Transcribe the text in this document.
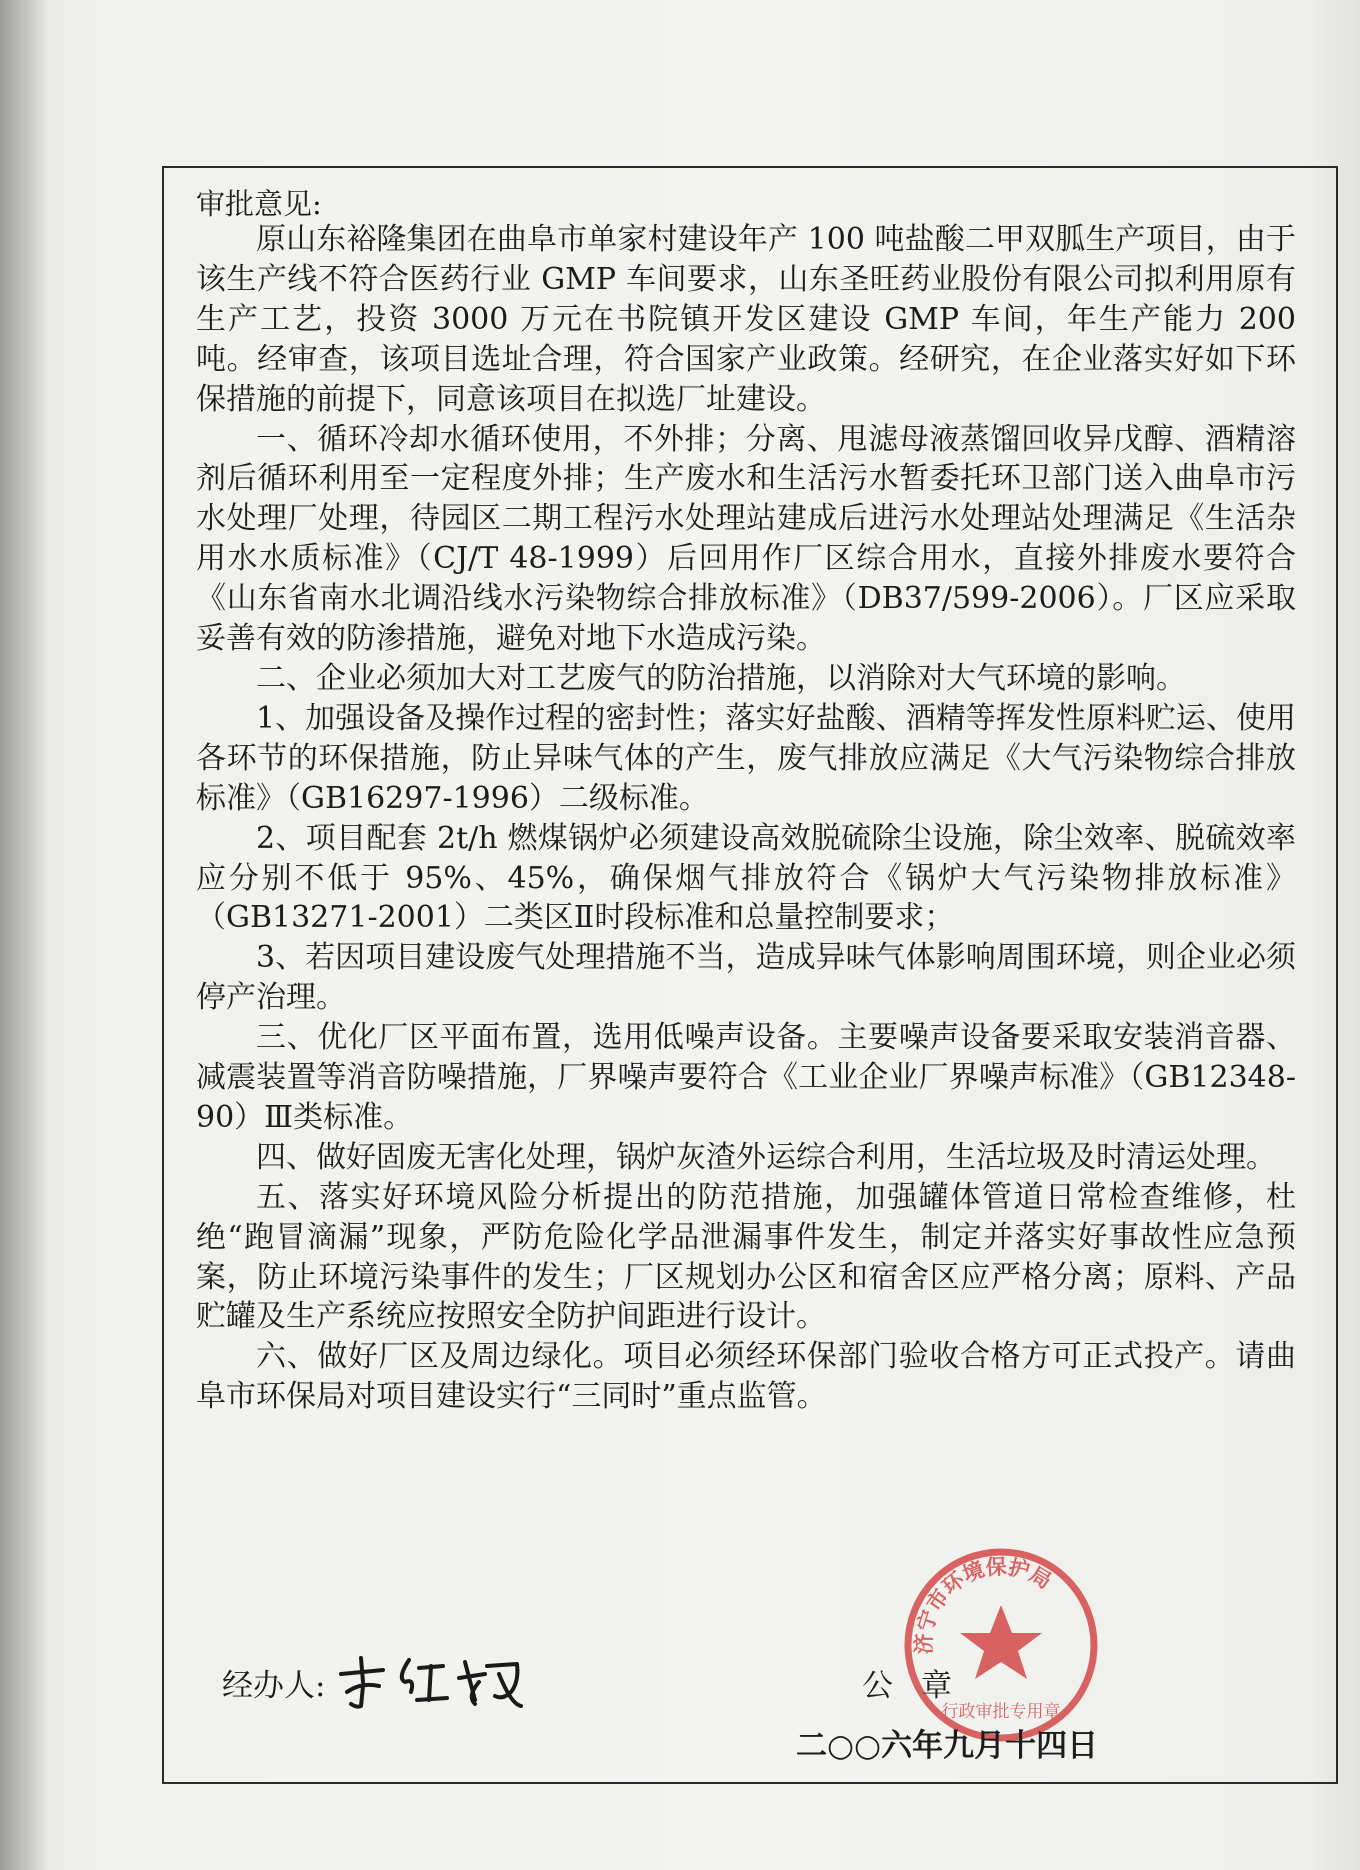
审批意见:

原山东裕隆集团在曲阜市单家村建设年产 100 吨盐酸二甲双胍生产项目，由于该生产线不符合医药行业 GMP 车间要求，山东圣旺药业股份有限公司拟利用原有生产工艺，投资 3000 万元在书院镇开发区建设 GMP 车间，年生产能力 200 吨。经审查，该项目选址合理，符合国家产业政策。经研究，在企业落实好如下环保措施的前提下，同意该项目在拟选厂址建设。

一、循环冷却水循环使用，不外排；分离、甩滤母液蒸馏回收异戊醇、酒精溶剂后循环利用至一定程度外排；生产废水和生活污水暂委托环卫部门送入曲阜市污水处理厂处理，待园区二期工程污水处理站建成后进污水处理站处理满足《生活杂用水水质标准》（CJ/T 48-1999）后回用作厂区综合用水，直接外排废水要符合《山东省南水北调沿线水污染物综合排放标准》（DB37/599-2006）。厂区应采取妥善有效的防渗措施，避免对地下水造成污染。

二、企业必须加大对工艺废气的防治措施，以消除对大气环境的影响。

1、加强设备及操作过程的密封性；落实好盐酸、酒精等挥发性原料贮运、使用各环节的环保措施，防止异味气体的产生，废气排放应满足《大气污染物综合排放标准》（GB16297-1996）二级标准。

2、项目配套 2t/h 燃煤锅炉必须建设高效脱硫除尘设施，除尘效率、脱硫效率应分别不低于 95%、45%，确保烟气排放符合《锅炉大气污染物排放标准》（GB13271-2001）二类区Ⅱ时段标准和总量控制要求；

3、若因项目建设废气处理措施不当，造成异味气体影响周围环境，则企业必须停产治理。

三、优化厂区平面布置，选用低噪声设备。主要噪声设备要采取安装消音器、减震装置等消音防噪措施，厂界噪声要符合《工业企业厂界噪声标准》（GB12348-90）Ⅲ类标准。

四、做好固废无害化处理，锅炉灰渣外运综合利用，生活垃圾及时清运处理。

五、落实好环境风险分析提出的防范措施，加强罐体管道日常检查维修，杜绝“跑冒滴漏”现象，严防危险化学品泄漏事件发生，制定并落实好事故性应急预案，防止环境污染事件的发生；厂区规划办公区和宿舍区应严格分离；原料、产品贮罐及生产系统应按照安全防护间距进行设计。

六、做好厂区及周边绿化。项目必须经环保部门验收合格方可正式投产。请曲阜市环保局对项目建设实行“三同时”重点监管。

经办人:
济宁市环境保护局
行政审批专用章
公章
二○○六年九月十四日
